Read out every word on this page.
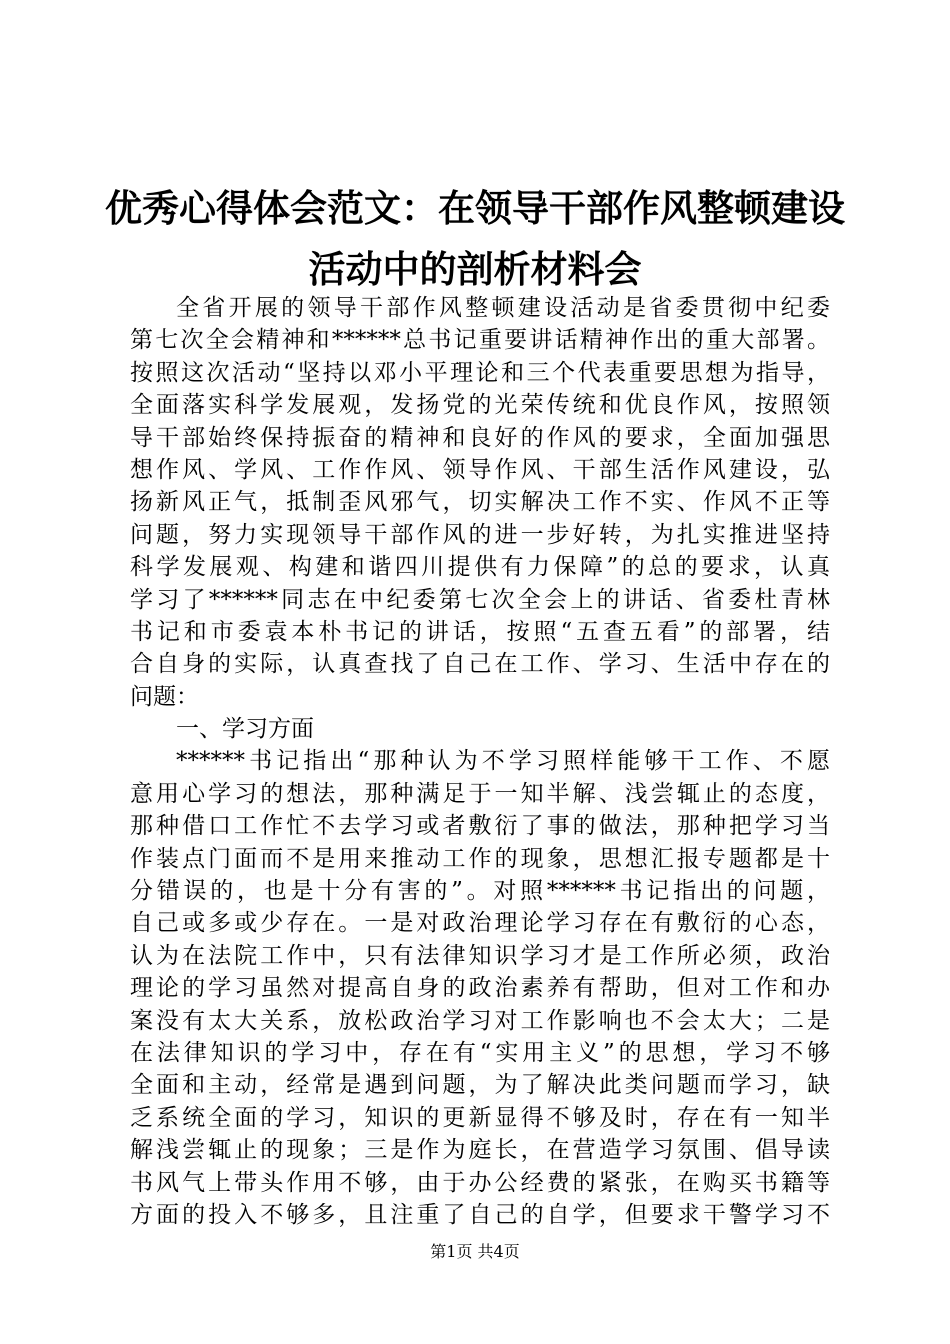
优秀心得体会范文：在领导干部作风整顿建设
活动中的剖析材料会
全省开展的领导干部作风整顿建设活动是省委贯彻中纪委
第七次全会精神和******总书记重要讲话精神作出的重大部署。
按照这次活动“坚持以邓小平理论和三个代表重要思想为指导，
全面落实科学发展观，发扬党的光荣传统和优良作风，按照领
导干部始终保持振奋的精神和良好的作风的要求，全面加强思
想作风、学风、工作作风、领导作风、干部生活作风建设，弘
扬新风正气，抵制歪风邪气，切实解决工作不实、作风不正等
问题，努力实现领导干部作风的进一步好转，为扎实推进坚持
科学发展观、构建和谐四川提供有力保障”的总的要求，认真
学习了******同志在中纪委第七次全会上的讲话、省委杜青林
书记和市委袁本朴书记的讲话，按照“五查五看”的部署，结
合自身的实际，认真查找了自己在工作、学习、生活中存在的
问题：
一、学习方面
******书记指出“那种认为不学习照样能够干工作、不愿
意用心学习的想法，那种满足于一知半解、浅尝辄止的态度，
那种借口工作忙不去学习或者敷衍了事的做法，那种把学习当
作装点门面而不是用来推动工作的现象，思想汇报专题都是十
分错误的，也是十分有害的”。对照******书记指出的问题，
自己或多或少存在。一是对政治理论学习存在有敷衍的心态，
认为在法院工作中，只有法律知识学习才是工作所必须，政治
理论的学习虽然对提高自身的政治素养有帮助，但对工作和办
案没有太大关系，放松政治学习对工作影响也不会太大；二是
在法律知识的学习中，存在有“实用主义”的思想，学习不够
全面和主动，经常是遇到问题，为了解决此类问题而学习，缺
乏系统全面的学习，知识的更新显得不够及时，存在有一知半
解浅尝辄止的现象；三是作为庭长，在营造学习氛围、倡导读
书风气上带头作用不够，由于办公经费的紧张，在购买书籍等
方面的投入不够多，且注重了自己的自学，但要求干警学习不
第1页 共4页
